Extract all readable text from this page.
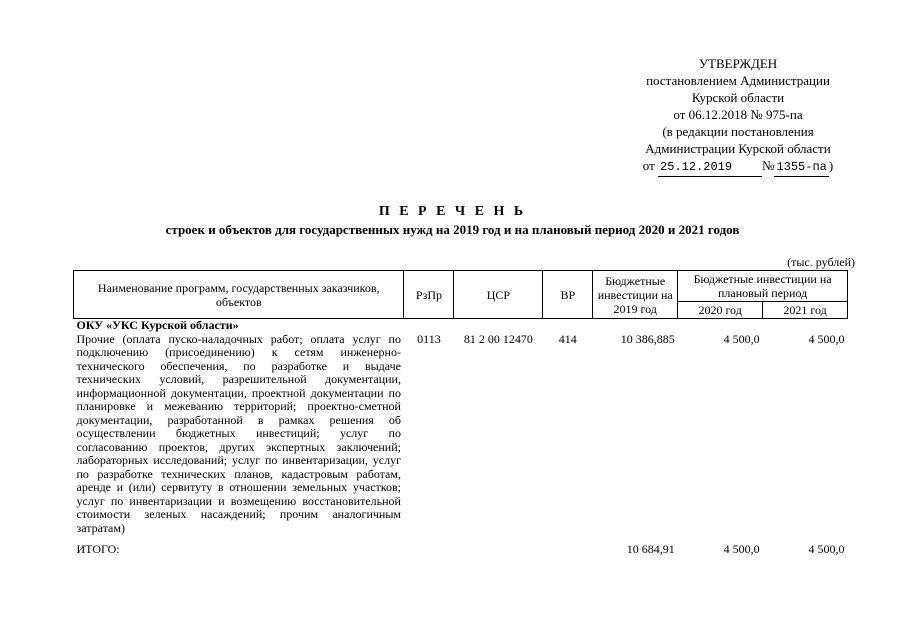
УТВЕРЖДЕН
постановлением Администрации
Курской области
от 06.12.2018 № 975-па
(в редакции постановления
Администрации Курской области
от 25.12.2019 № 1355-па )
П Е Р Е Ч Е Н Ь
строек и объектов для государственных нужд на 2019 год и на плановый период 2020 и 2021 годов
(тыс. рублей)
Наименование программ, государственных заказчиков, объектов	РзПр	ЦСР	ВР	Бюджетные инвестиции на 2019 год	Бюджетные инвестиции на плановый период	

					2020 год	2021 год
ОКУ «УКС Курской области»						
Прочие (оплата пуско-наладочных работ; оплата услуг по подключению (присоединению) к сетям инженерно-технического обеспечения, по разработке и выдаче технических условий, разрешительной документации, информационной документации, проектной документации по планировке и межеванию территорий; проектно-сметной документации, разработанной в рамках решения об осуществлении бюджетных инвестиций; услуг по согласованию проектов, других экспертных заключений; лабораторных исследований; услуг по инвентаризации, услуг по разработке технических планов, кадастровым работам, аренде и (или) сервитуту в отношении земельных участков; услуг по инвентаризации и возмещению восстановительной стоимости зеленых насаждений; прочим аналогичным затратам)	0113	81 2 00 12470	414	10 386,885	4 500,0	4 500,0
ИТОГО:				10 684,91	4 500,0	4 500,0
